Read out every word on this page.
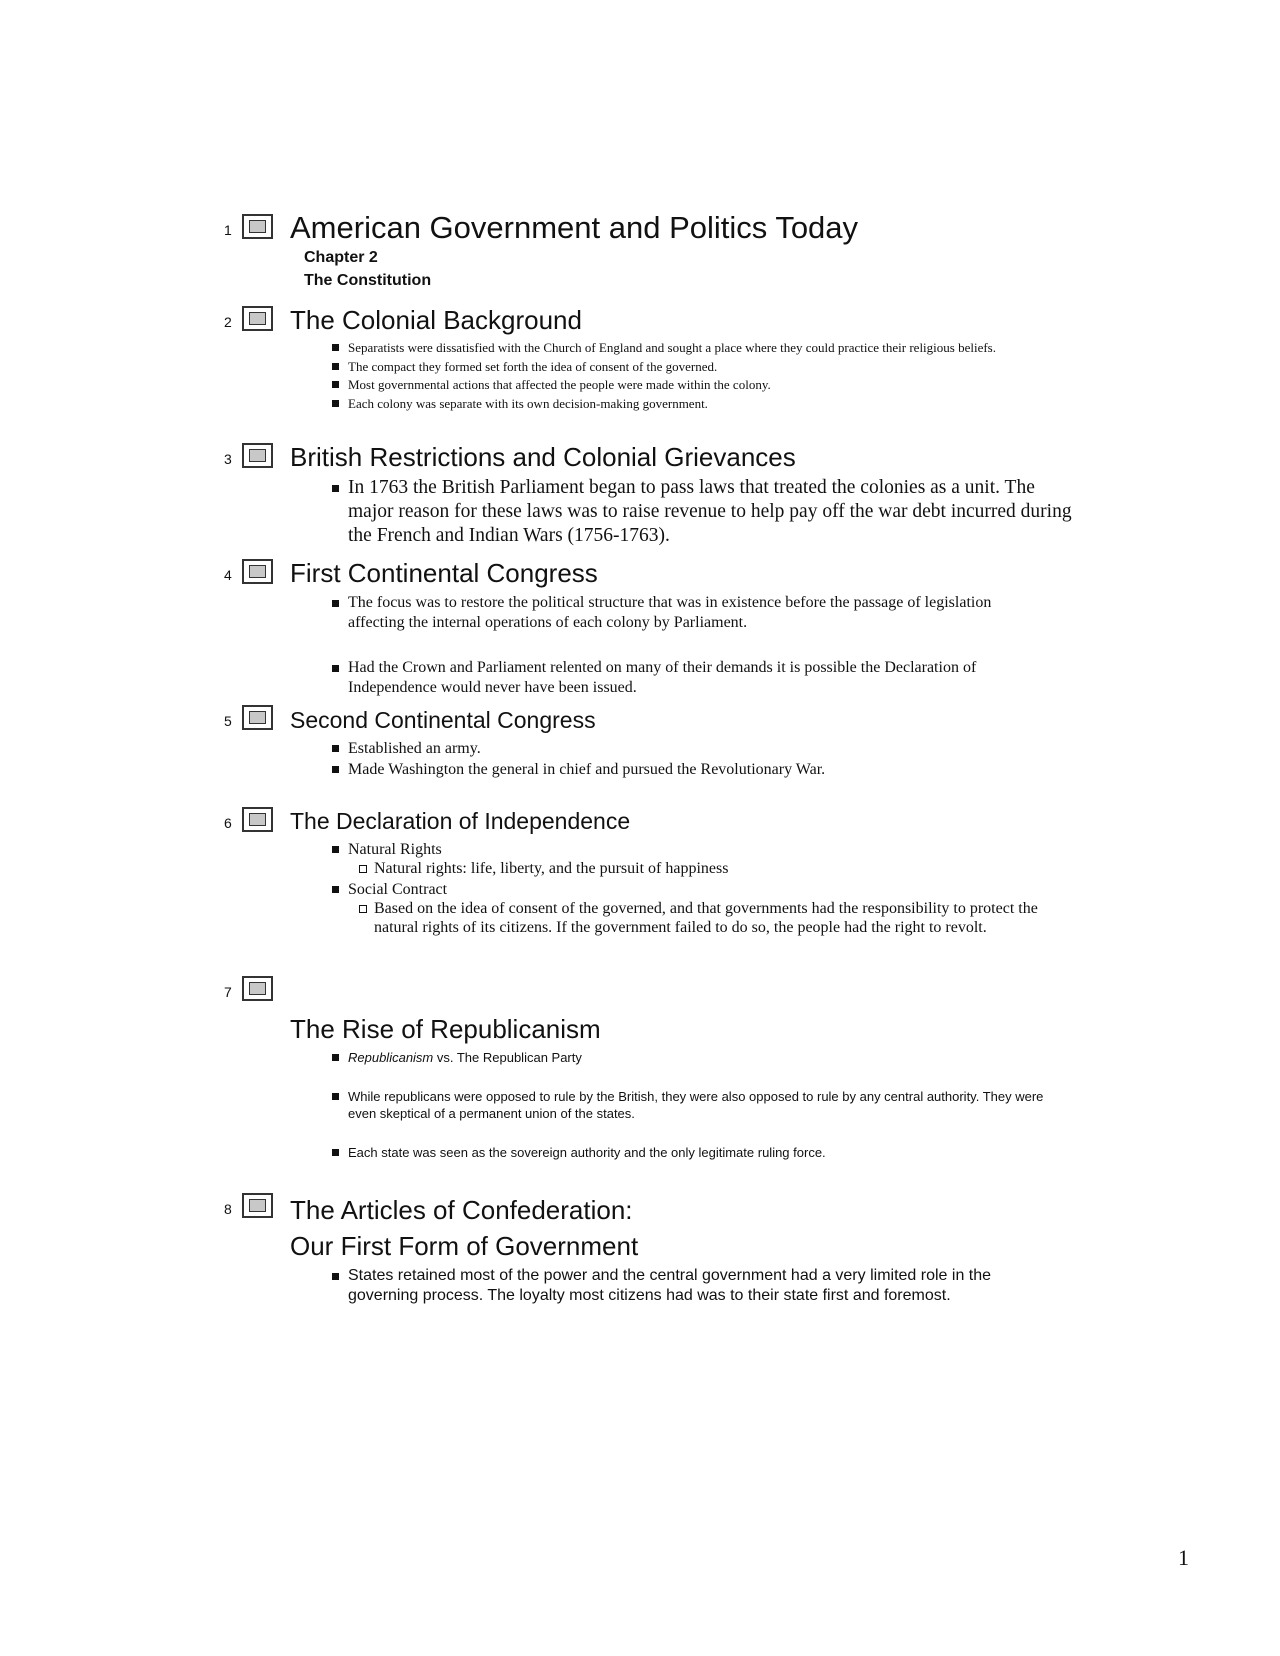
1 American Government and Politics Today
Chapter 2
The Constitution
2 The Colonial Background
Separatists were dissatisfied with the Church of England and sought a place where they could practice their religious beliefs.
The compact they formed set forth the idea of consent of the governed.
Most governmental actions that affected the people were made within the colony.
Each colony was separate with its own decision-making government.
3 British Restrictions and Colonial Grievances
In 1763 the British Parliament began to pass laws that treated the colonies as a unit. The major reason for these laws was to raise revenue to help pay off the war debt incurred during the French and Indian Wars (1756-1763).
4 First Continental Congress
The focus was to restore the political structure that was in existence before the passage of legislation affecting the internal operations of each colony by Parliament.
Had the Crown and Parliament relented on many of their demands it is possible the Declaration of Independence would never have been issued.
5	Second Continental Congress
Established an army.
Made Washington the general in chief and pursued the Revolutionary War.
6	The Declaration of Independence
Natural Rights
Natural rights: life, liberty, and the pursuit of happiness
Social Contract
Based on the idea of consent of the governed, and that governments had the responsibility to protect the natural rights of its citizens. If the government failed to do so, the people had the right to revolt.
7
The Rise of Republicanism
Republicanism vs. The Republican Party
While republicans were opposed to rule by the British, they were also opposed to rule by any central authority. They were even skeptical of a permanent union of the states.
Each state was seen as the sovereign authority and the only legitimate ruling force.
8 The Articles of Confederation:
Our First Form of Government
States retained most of the power and the central government had a very limited role in the governing process. The loyalty most citizens had was to their state first and foremost.
1
